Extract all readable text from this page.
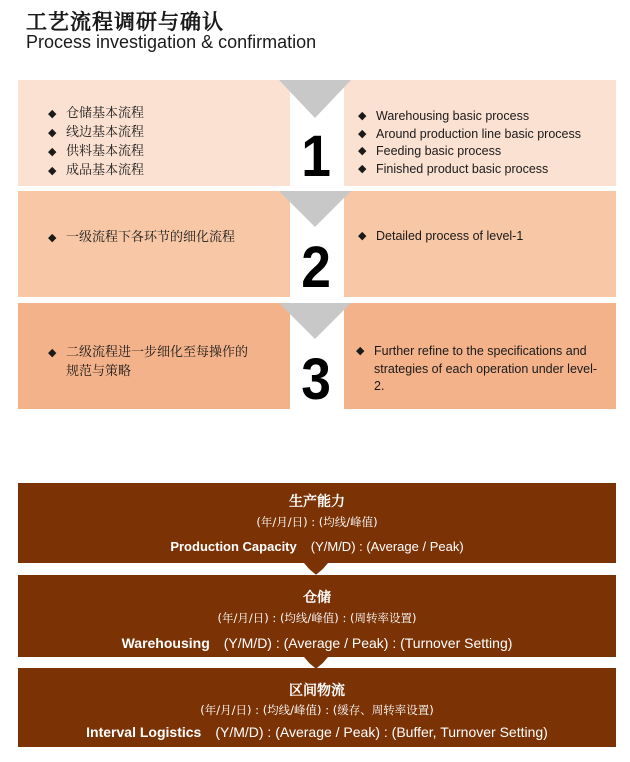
工艺流程调研与确认
Process investigation & confirmation
◆ 仓储基本流程
◆ 线边基本流程
◆ 供料基本流程
◆ 成品基本流程
◆ Warehousing basic process
◆ Around production line basic process
◆ Feeding basic process
◆ Finished product basic process
◆ 一级流程下各环节的细化流程
◆	Detailed process of level-1
◆ 二级流程进一步细化至每操作的规范与策略
◆ Further refine to the specifications and strategies of each operation under level-2.
1
2
3
生产能力
(年/月/日) : (均线/峰值)
Production Capacity (Y/M/D) : (Average / Peak)
仓储
(年/月/日) : (均线/峰值) : (周转率设置)
Warehousing (Y/M/D) : (Average / Peak) : (Turnover Setting)
区间物流
(年/月/日) : (均线/峰值) : (缓存、周转率设置)
Interval Logistics (Y/M/D) : (Average / Peak) : (Buffer, Turnover Setting)
